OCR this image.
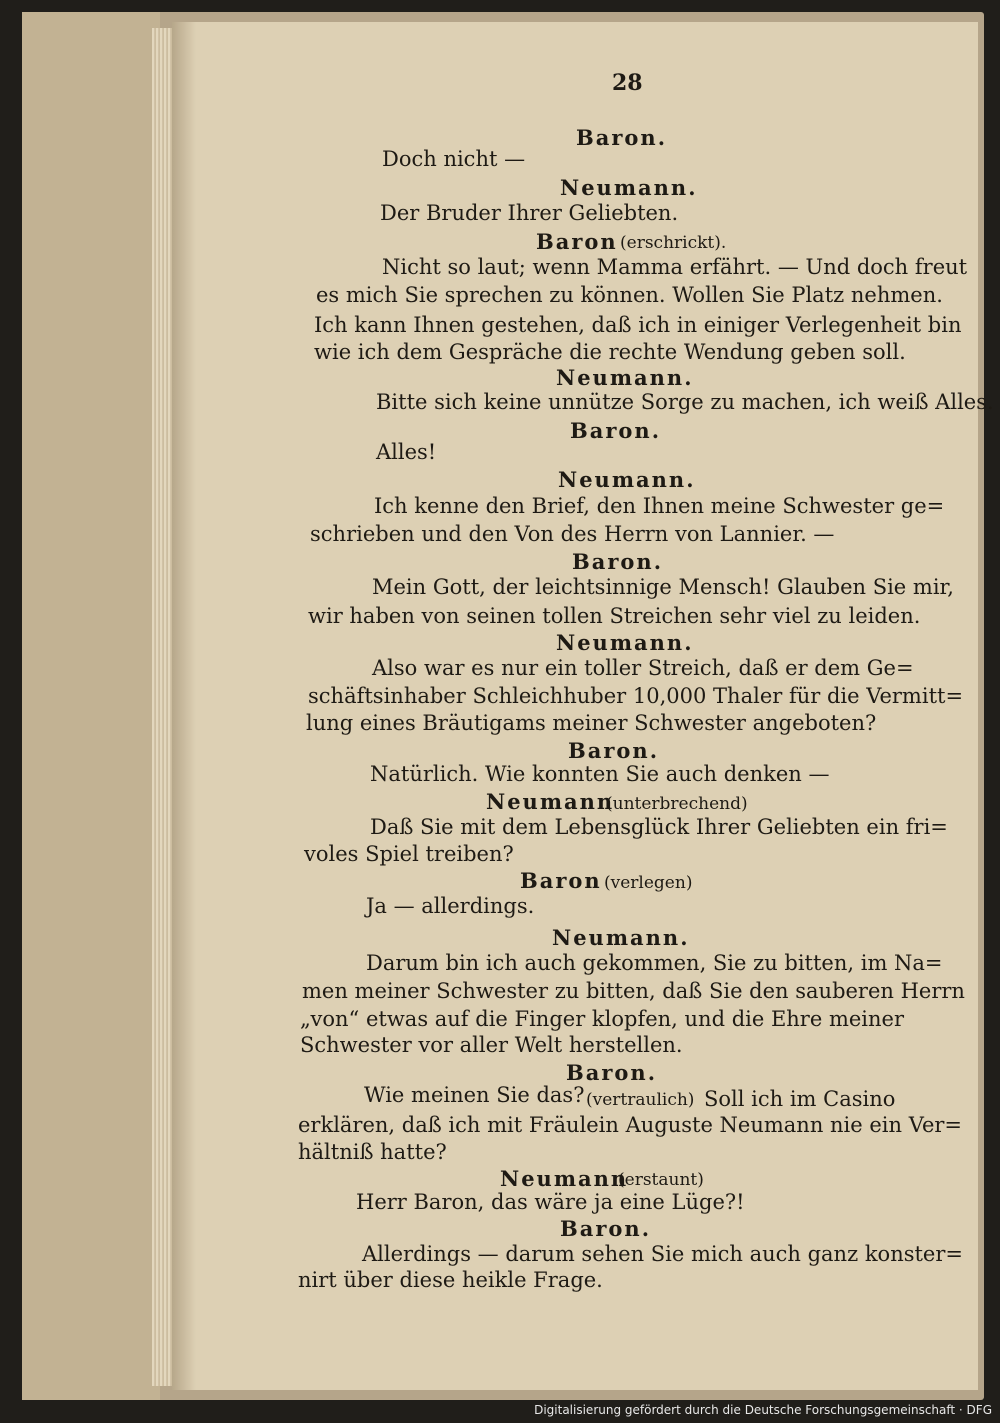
28
Baron.
Doch nicht —
Neumann.
Der Bruder Ihrer Geliebten.
Baron (erschrickt).
Nicht so laut; wenn Mamma erfährt. — Und doch freut
es mich Sie sprechen zu können. Wollen Sie Platz nehmen.
Ich kann Ihnen gestehen, daß ich in einiger Verlegenheit bin
wie ich dem Gespräche die rechte Wendung geben soll.
Neumann.
Bitte sich keine unnütze Sorge zu machen, ich weiß Alles.
Baron.
Alles!
Neumann.
Ich kenne den Brief, den Ihnen meine Schwester ge=
schrieben und den Von des Herrn von Lannier. —
Baron.
Mein Gott, der leichtsinnige Mensch! Glauben Sie mir,
wir haben von seinen tollen Streichen sehr viel zu leiden.
Neumann.
Also war es nur ein toller Streich, daß er dem Ge=
schäftsinhaber Schleichhuber 10,000 Thaler für die Vermitt=
lung eines Bräutigams meiner Schwester angeboten?
Baron.
Natürlich. Wie konnten Sie auch denken —
Neumann
(unterbrechend)
Daß Sie mit dem Lebensglück Ihrer Geliebten ein fri=
voles Spiel treiben?
Baron (verlegen)
Ja — allerdings.
Neumann.
Darum bin ich auch gekommen, Sie zu bitten, im Na=
men meiner Schwester zu bitten, daß Sie den sauberen Herrn
„von“ etwas auf die Finger klopfen, und die Ehre meiner
Schwester vor aller Welt herstellen.
Baron.
Wie meinen Sie das? (vertraulich) Soll ich im Casino
erklären, daß ich mit Fräulein Auguste Neumann nie ein Ver=
hältniß hatte?
Neumann
(erstaunt)
Herr Baron, das wäre ja eine Lüge?!
Baron.
Allerdings — darum sehen Sie mich auch ganz konster=
nirt über diese heikle Frage.
Digitalisierung gefördert durch die Deutsche Forschungsgemeinschaft · DFG
